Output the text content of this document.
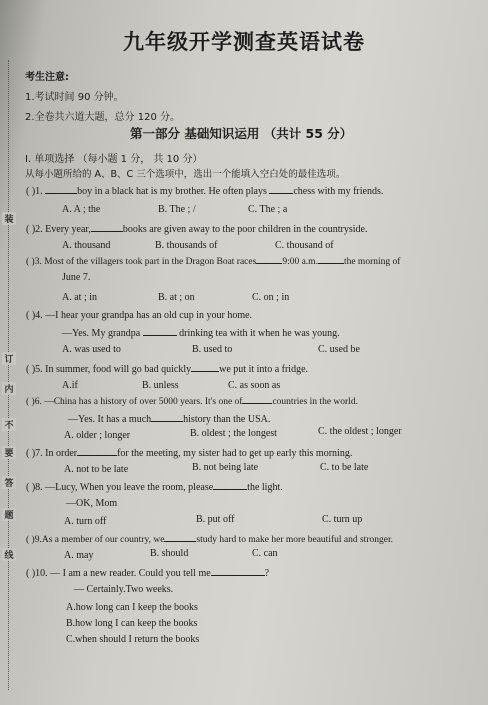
装
订
内
不
要
答
题
线
九年级开学测查英语试卷
考生注意:
1.考试时间 90 分钟。
2.全卷共六道大题，总分 120 分。
第一部分 基础知识运用 （共计 55 分）
Ⅰ. 单项选择 （每小题 1 分， 共 10 分）
从每小题所给的 A、B、C 三个选项中，选出一个能填入空白处的最佳选项。
( )1.	boy in a black hat is my brother. He often plays chess with my friends.
A. A ; the	B. The ; /	C. The ; a
( )2. Every year,	books are given away to the poor children in the countryside.
A. thousand	B. thousands of	C. thousand of
( )3. Most of the villagers took part in the Dragon Boat races	9:00 a.m.	the morning of
June 7.
A. at ; in	B. at ; on	C. on ; in
( )4. —I hear your grandpa has an old cup in your home.
—Yes. My grandpa	drinking tea with it when he was young.
A. was used to	B. used to	C. used be
( )5. In summer, food will go bad quickly	we put it into a fridge.
A.if	B. unless	C. as soon as
( )6. —China has a history of over 5000 years. It's one of	countries in the world.
—Yes. It has a much	history than the USA.
A. older ; longer	B. oldest ; the longest	C. the oldest ; longer
( )7. In order	for the meeting, my sister had to get up early this morning.
A. not to be late	B. not being late	C. to be late
( )8. —Lucy, When you leave the room, please	the light.
—OK, Mom
A. turn off	B. put off	C. turn up
( )9.As a member of our country, we	study hard to make her more beautiful and stronger.
A. may	B. should	C. can
( )10. — I am a new reader. Could you tell me	?
— Certainly.Two weeks.
A.how long can I keep the books
B.how long I can keep the books
C.when should I return the books
